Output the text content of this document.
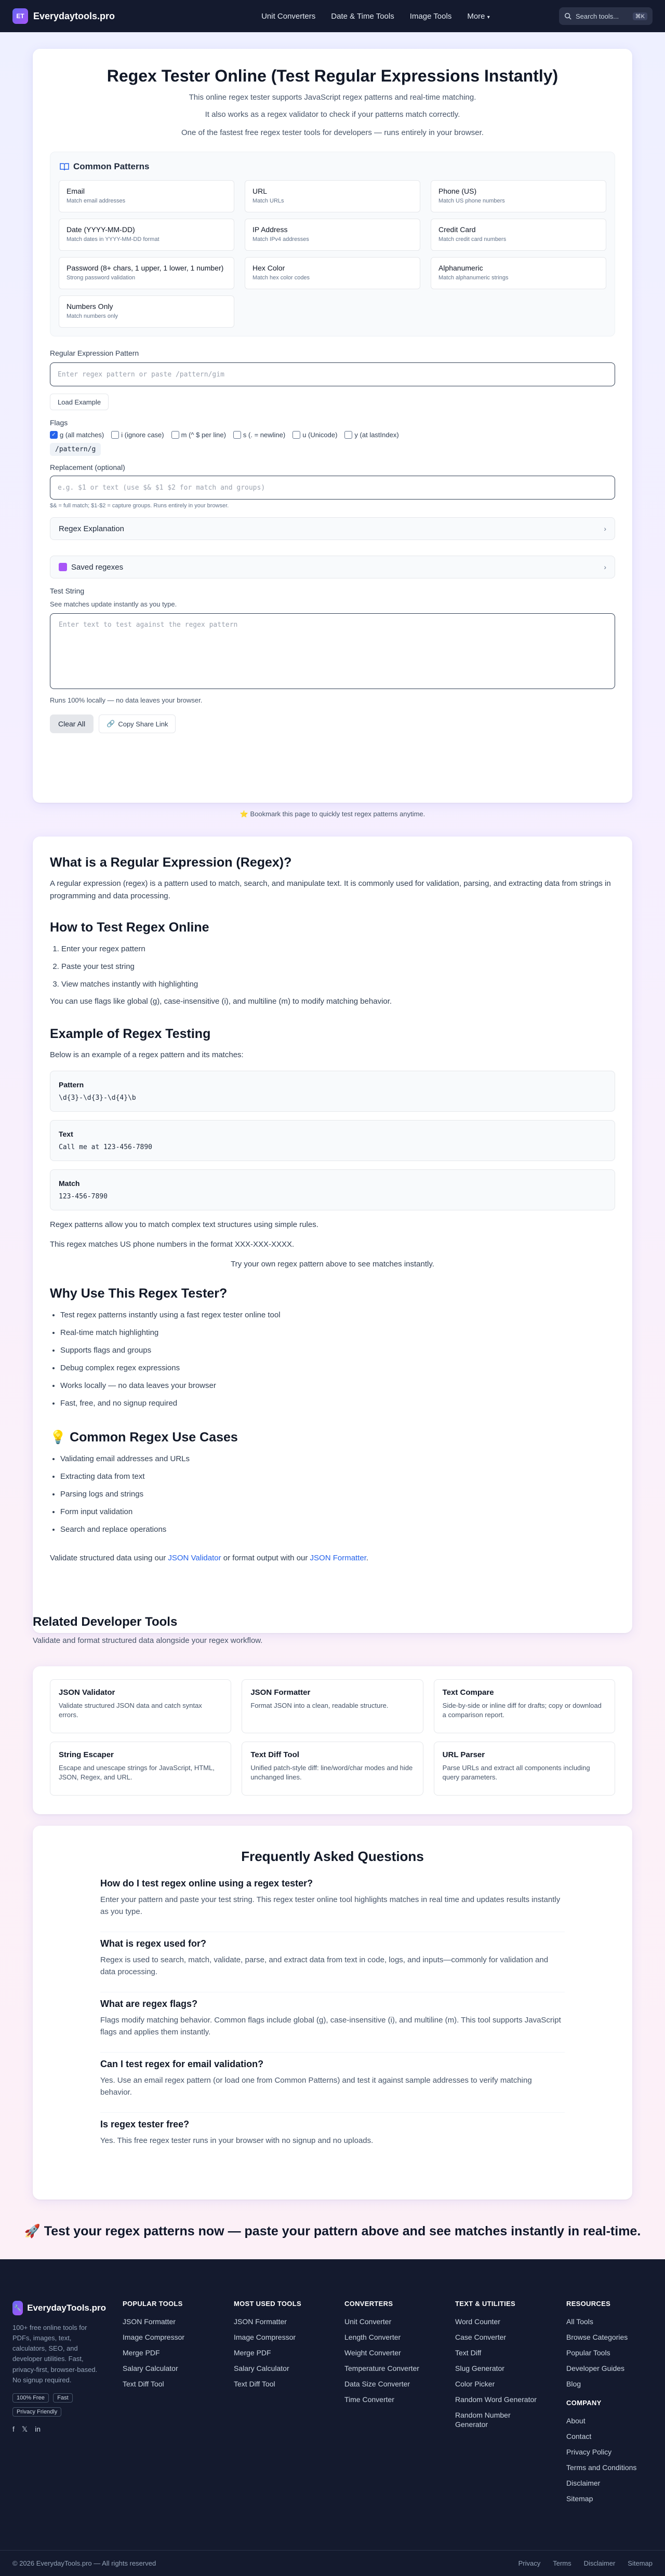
ET Everydaytools.pro	Unit Converters Date & Time Tools Image Tools More ▾	Search tools...	⌘K
Regex Tester Online (Test Regular Expressions Instantly)
This online regex tester supports JavaScript regex patterns and real-time matching.
It also works as a regex validator to check if your patterns match correctly.
One of the fastest free regex tester tools for developers — runs entirely in your browser.
Common Patterns
Email
Match email addresses
URL
Match URLs
Phone (US)
Match US phone numbers
Date (YYYY-MM-DD)
Match dates in YYYY-MM-DD format
IP Address
Match IPv4 addresses
Credit Card
Match credit card numbers
Password (8+ chars, 1 upper, 1 lower, 1 number)
Strong password validation
Hex Color
Match hex color codes
Alphanumeric
Match alphanumeric strings
Numbers Only
Match numbers only
Regular Expression Pattern
Enter regex pattern or paste /pattern/gim
Load Example
Flags
✓ g (all matches)	i (ignore case)	m (^ $ per line)	s (. = newline)	u (Unicode)	y (at lastIndex)
/pattern/g
Replacement (optional)
e.g. $1 or text (use $& $1 $2 for match and groups)
$& = full match; $1-$2 = capture groups. Runs entirely in your browser.
Regex Explanation	›
Saved regexes	›
Test String
See matches update instantly as you type.
Enter text to test against the regex pattern
Runs 100% locally — no data leaves your browser.
Clear All	🔗 Copy Share Link
⭐ Bookmark this page to quickly test regex patterns anytime.
What is a Regular Expression (Regex)?

A regular expression (regex) is a pattern used to match, search, and manipulate text. It is commonly used for validation, parsing, and extracting data from strings in programming and data processing.

How to Test Regex Online
1. Enter your regex pattern
2. Paste your test string
3. View matches instantly with highlighting

You can use flags like global (g), case-insensitive (i), and multiline (m) to modify matching behavior.

Example of Regex Testing

Below is an example of a regex pattern and its matches:

Pattern
\d{3}-\d{3}-\d{4}\b
Text
Call me at 123-456-7890
Match
123-456-7890

Regex patterns allow you to match complex text structures using simple rules.

This regex matches US phone numbers in the format XXX-XXX-XXXX.

Try your own regex pattern above to see matches instantly.

Why Use This Regex Tester?
• Test regex patterns instantly using a fast regex tester online tool
• Real-time match highlighting
• Supports flags and groups
• Debug complex regex expressions
• Works locally — no data leaves your browser
• Fast, free, and no signup required
💡 Common Regex Use Cases
• Validating email addresses and URLs
• Extracting data from text
• Parsing logs and strings
• Form input validation
• Search and replace operations

Validate structured data using our JSON Validator or format output with our JSON Formatter.

Related Developer Tools
Validate and format structured data alongside your regex workflow.
JSON Validator
Validate structured JSON data and catch syntax errors.
JSON Formatter
Format JSON into a clean, readable structure.
Text Compare
Side-by-side or inline diff for drafts; copy or download a comparison report.
String Escaper
Escape and unescape strings for JavaScript, HTML, JSON, Regex, and URL.
Text Diff Tool
Unified patch-style diff: line/word/char modes and hide unchanged lines.
URL Parser
Parse URLs and extract all components including query parameters.
Frequently Asked Questions
How do I test regex online using a regex tester?
Enter your pattern and paste your test string. This regex tester online tool highlights matches in real time and updates results instantly as you type.
What is regex used for?
Regex is used to search, match, validate, parse, and extract data from text in code, logs, and inputs—commonly for validation and data processing.
What are regex flags?
Flags modify matching behavior. Common flags include global (g), case-insensitive (i), and multiline (m). This tool supports JavaScript flags and applies them instantly.
Can I test regex for email validation?
Yes. Use an email regex pattern (or load one from Common Patterns) and test it against sample addresses to verify matching behavior.
Is regex tester free?
Yes. This free regex tester runs in your browser with no signup and no uploads.
🚀 Test your regex patterns now — paste your pattern above and see matches instantly in real-time.
🔧 EverydayTools.pro
100+ free online tools for PDFs, images, text, calculators, SEO, and developer utilities. Fast, privacy-first, browser-based. No signup required.
100% Free Fast Privacy Friendly
f 𝕏 in
POPULAR TOOLS
JSON Formatter
Image Compressor
Merge PDF
Salary Calculator
Text Diff Tool
MOST USED TOOLS
JSON Formatter
Image Compressor
Merge PDF
Salary Calculator
Text Diff Tool
CONVERTERS
Unit Converter
Length Converter
Weight Converter
Temperature Converter
Data Size Converter
Time Converter
TEXT & UTILITIES
Word Counter
Case Converter
Text Diff
Slug Generator
Color Picker
Random Word Generator
Random Number Generator
RESOURCES
All Tools
Browse Categories
Popular Tools
Developer Guides
Blog
COMPANY
About
Contact
Privacy Policy
Terms and Conditions
Disclaimer
Sitemap
© 2026 EverydayTools.pro — All rights reserved	Privacy Terms Disclaimer Sitemap
